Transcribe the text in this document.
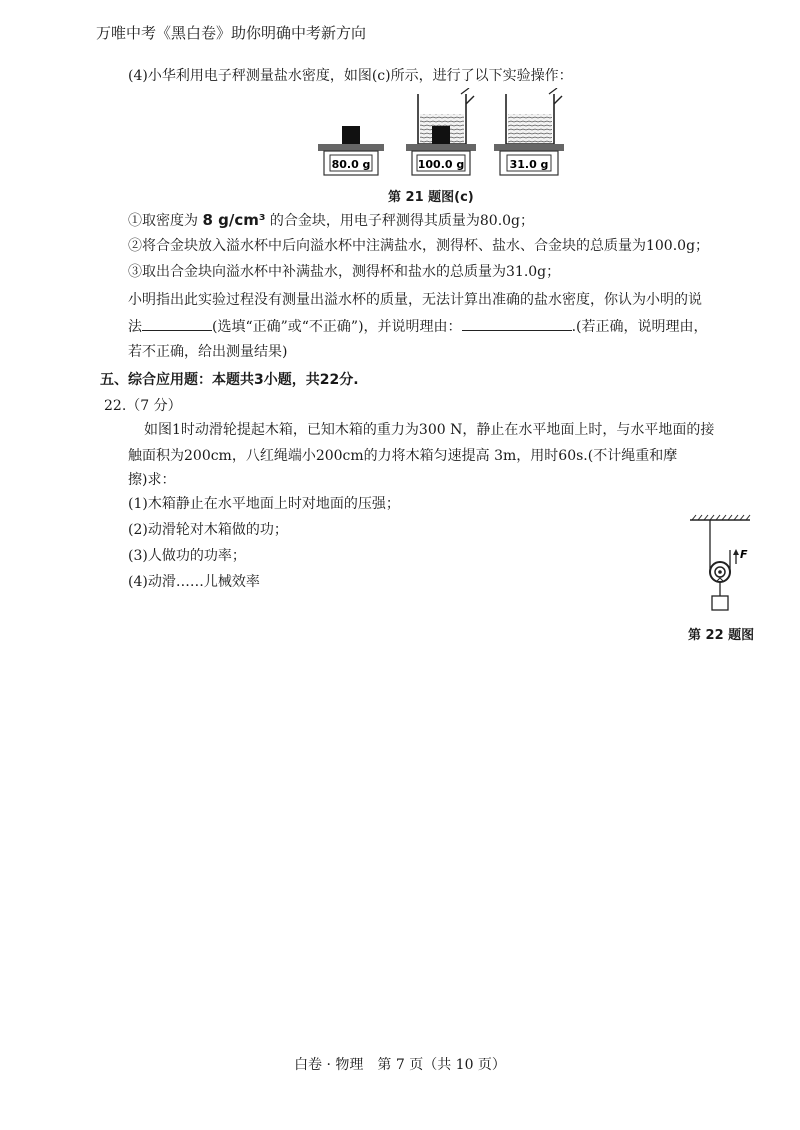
万唯中考《黑白卷》助你明确中考新方向
(4)小华利用电子秤测量盐水密度，如图(c)所示，进行了以下实验操作：
80.0 g	100.0 g	31.0 g
第 21 题图(c)
①取密度为 8 g/cm³ 的合金块，用电子秤测得其质量为80.0g；
②将合金块放入溢水杯中后向溢水杯中注满盐水，测得杯、盐水、合金块的总质量为100.0g；
③取出合金块向溢水杯中补满盐水，测得杯和盐水的总质量为31.0g；
小明指出此实验过程没有测量出溢水杯的质量，无法计算出准确的盐水密度，你认为小明的说
法	(选填“正确”或“不正确”)，并说明理由：	.(若正确，说明理由，
若不正确，给出测量结果)
五、综合应用题：本题共3小题，共22分.
22.（7 分）
如图1时动滑轮提起木箱，已知木箱的重力为300 N，静止在水平地面上时，与水平地面的接
触面积为200cm，八红绳端小200cm的力将木箱匀速提高 3m，用时60s.(不计绳重和摩
擦)求：
(1)木箱静止在水平地面上时对地面的压强；
(2)动滑轮对木箱做的功；
(3)人做功的功率；
(4)动滑……儿械效率
F
第 22 题图
白卷 · 物理　第 7 页（共 10 页）
